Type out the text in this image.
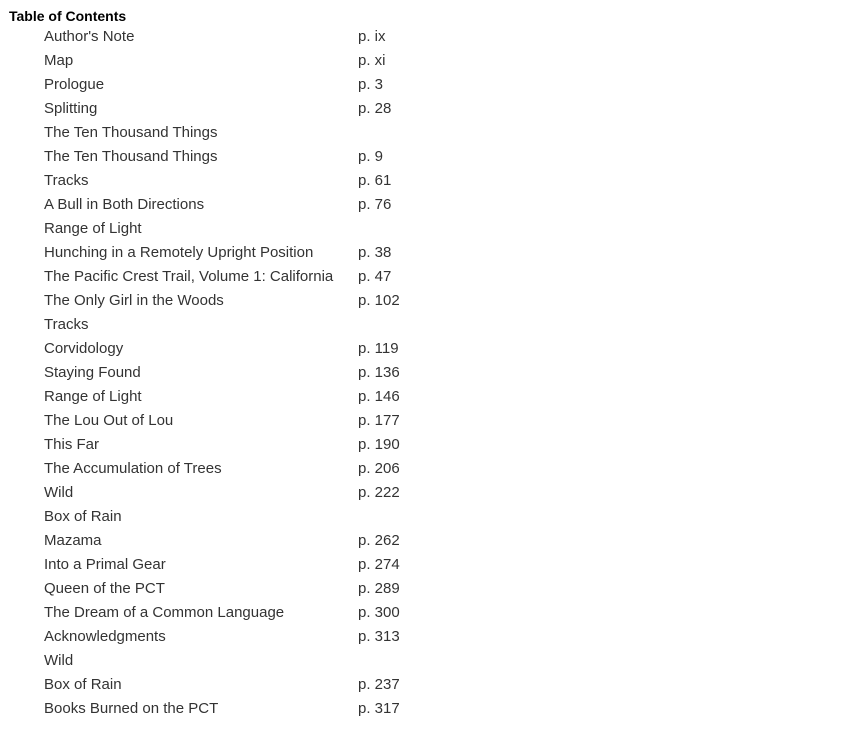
Table of Contents
Author's Note	p. ix
Map	p. xi
Prologue	p. 3
Splitting	p. 28
The Ten Thousand Things
The Ten Thousand Things	p. 9
Tracks	p. 61
A Bull in Both Directions	p. 76
Range of Light
Hunching in a Remotely Upright Position	p. 38
The Pacific Crest Trail, Volume 1: California	p. 47
The Only Girl in the Woods	p. 102
Tracks
Corvidology	p. 119
Staying Found	p. 136
Range of Light	p. 146
The Lou Out of Lou	p. 177
This Far	p. 190
The Accumulation of Trees	p. 206
Wild	p. 222
Box of Rain
Mazama	p. 262
Into a Primal Gear	p. 274
Queen of the PCT	p. 289
The Dream of a Common Language	p. 300
Acknowledgments	p. 313
Wild
Box of Rain	p. 237
Books Burned on the PCT	p. 317
